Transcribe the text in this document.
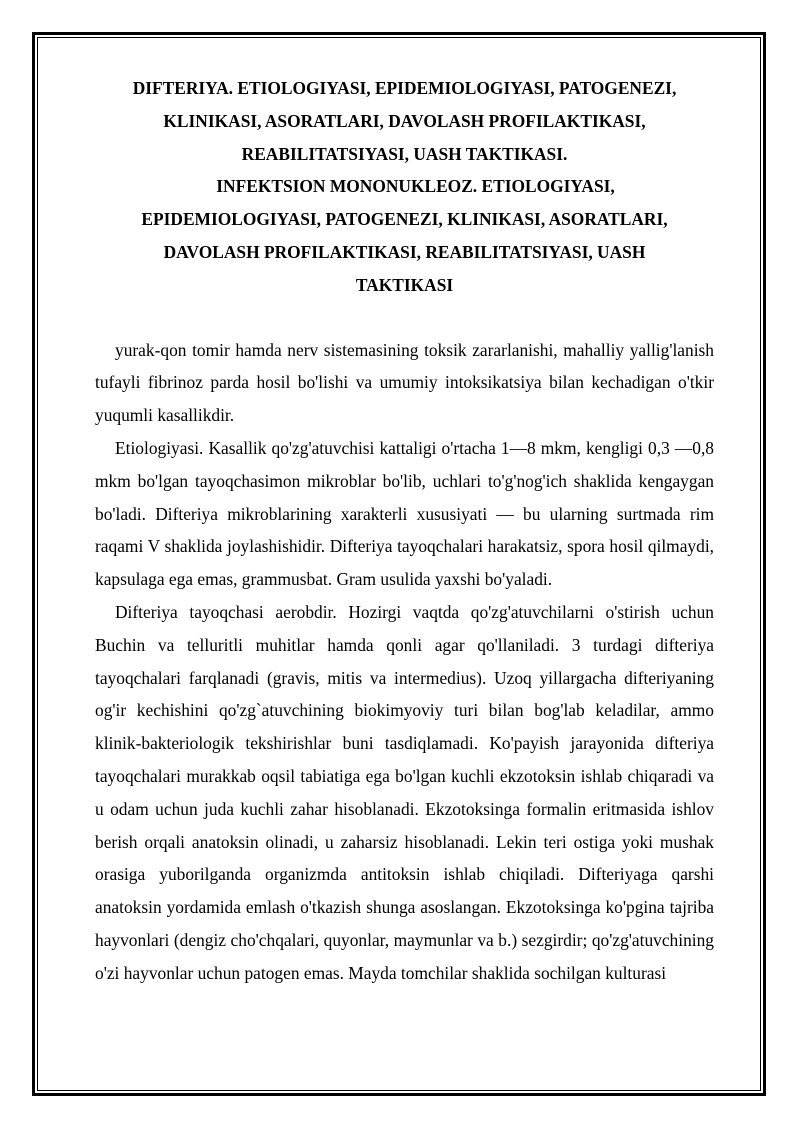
DIFTERIYA. ETIOLOGIYASI, EPIDEMIOLOGIYASI, PATOGENEZI,
KLINIKASI, ASORATLARI, DAVOLASH PROFILAKTIKASI,
REABILITATSIYASI, UASH TAKTIKASI.
INFEKTSION MONONUKLEOZ. ETIOLOGIYASI,
EPIDEMIOLOGIYASI, PATOGENEZI, KLINIKASI, ASORATLARI,
DAVOLASH PROFILAKTIKASI, REABILITATSIYASI, UASH
TAKTIKASI

yurak-qon tomir hamda nerv sistemasining toksik zararlanishi, mahalliy yallig'lanish tufayli fibrinoz parda hosil bo'lishi va umumiy intoksikatsiya bilan kechadigan o'tkir yuqumli kasallikdir.

Etiologiyasi. Kasallik qo'zg'atuvchisi kattaligi o'rtacha 1—8 mkm, kengligi 0,3 —0,8 mkm bo'lgan tayoqchasimon mikroblar bo'lib, uchlari to'g'nog'ich shaklida kengaygan bo'ladi. Difteriya mikroblarining xarakterli xususiyati — bu ularning surtmada rim raqami V shaklida joylashishidir. Difteriya tayoqchalari harakatsiz, spora hosil qilmaydi, kapsulaga ega emas, grammusbat. Gram usulida yaxshi bo'yaladi.

Difteriya tayoqchasi aerobdir. Hozirgi vaqtda qo'zg'atuvchilarni o'stirish uchun Buchin va telluritli muhitlar hamda qonli agar qo'llaniladi. 3 turdagi difteriya tayoqchalari farqlanadi (gravis, mitis va intermedius). Uzoq yillargacha difteriyaning og'ir kechishini qo'zg`atuvchining biokimyoviy turi bilan bog'lab keladilar, ammo klinik-bakteriologik tekshirishlar buni tasdiqlamadi. Ko'payish jarayonida difteriya tayoqchalari murakkab oqsil tabiatiga ega bo'lgan kuchli ekzotoksin ishlab chiqaradi va u odam uchun juda kuchli zahar hisoblanadi. Ekzotoksinga formalin eritmasida ishlov berish orqali anatoksin olinadi, u zaharsiz hisoblanadi. Lekin teri ostiga yoki mushak orasiga yuborilganda organizmda antitoksin ishlab chiqiladi. Difteriyaga qarshi anatoksin yordamida emlash o'tkazish shunga asoslangan. Ekzotoksinga ko'pgina tajriba hayvonlari (dengiz cho'chqalari, quyonlar, maymunlar va b.) sezgirdir; qo'zg'atuvchining o'zi hayvonlar uchun patogen emas. Mayda tomchilar shaklida sochilgan kulturasi
